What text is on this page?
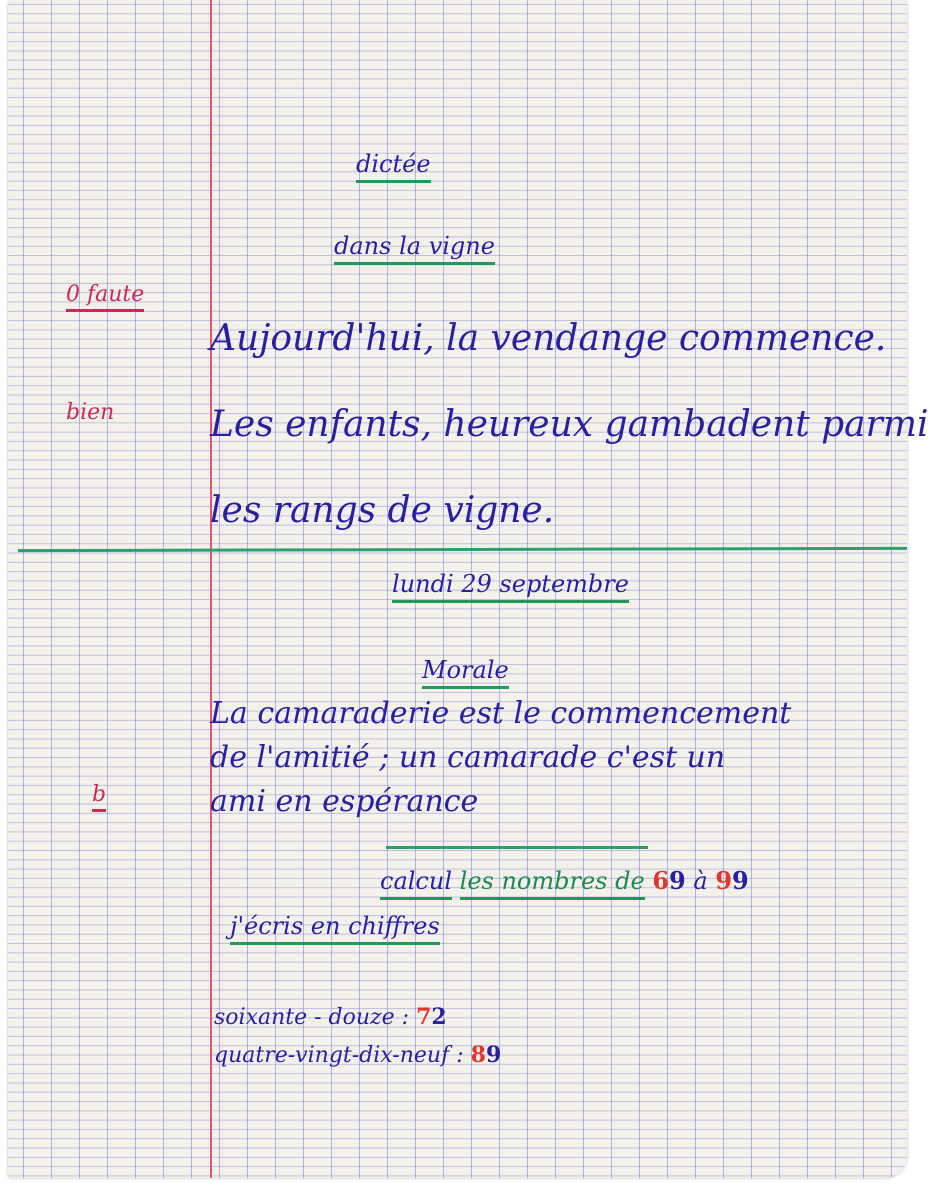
dictée
dans la vigne
0 faute
bien
b
Aujourd'hui, la vendange commence.
Les enfants, heureux gambadent parmi
les rangs de vigne.
lundi 29 septembre
Morale
La camaraderie est le commencement
de l'amitié ; un camarade c'est un
ami en espérance
calcul les nombres de 69 à 99
j'écris en chiffres
soixante - douze : 72
quatre-vingt-dix-neuf : 89
